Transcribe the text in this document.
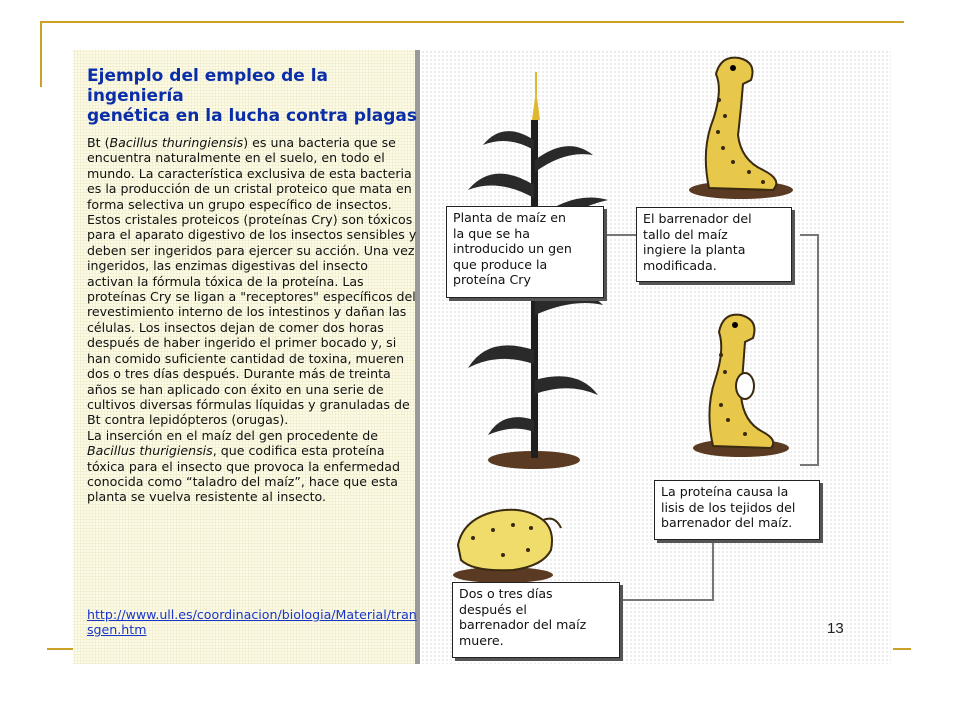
Ejemplo del empleo de la ingeniería
genética en la lucha contra plagas

Bt (Bacillus thuringiensis) es una bacteria que se encuentra naturalmente en el suelo, en todo el mundo. La característica exclusiva de esta bacteria es la producción de un cristal proteico que mata en forma selectiva un grupo específico de insectos. Estos cristales proteicos (proteínas Cry) son tóxicos para el aparato digestivo de los insectos sensibles y deben ser ingeridos para ejercer su acción. Una vez ingeridos, las enzimas digestivas del insecto activan la fórmula tóxica de la proteína. Las proteínas Cry se ligan a "receptores" específicos del revestimiento interno de los intestinos y dañan las células. Los insectos dejan de comer dos horas después de haber ingerido el primer bocado y, si han comido suficiente cantidad de toxina, mueren dos o tres días después. Durante más de treinta años se han aplicado con éxito en una serie de cultivos diversas fórmulas líquidas y granuladas de Bt contra lepidópteros (orugas).
La inserción en el maíz del gen procedente de Bacillus thurigiensis, que codifica esta proteína tóxica para el insecto que provoca la enfermedad conocida como “taladro del maíz”, hace que esta planta se vuelva resistente al insecto.

http://www.ull.es/coordinacion/biologia/Material/transgen.htm
Planta de maíz en
la que se ha
introducido un gen
que produce la
proteína Cry
El barrenador del
tallo del maíz
ingiere la planta
modificada.
La proteína causa la
lisis de los tejidos del
barrenador del maíz.
Dos o tres días
después el
barrenador del maíz
muere.
13
